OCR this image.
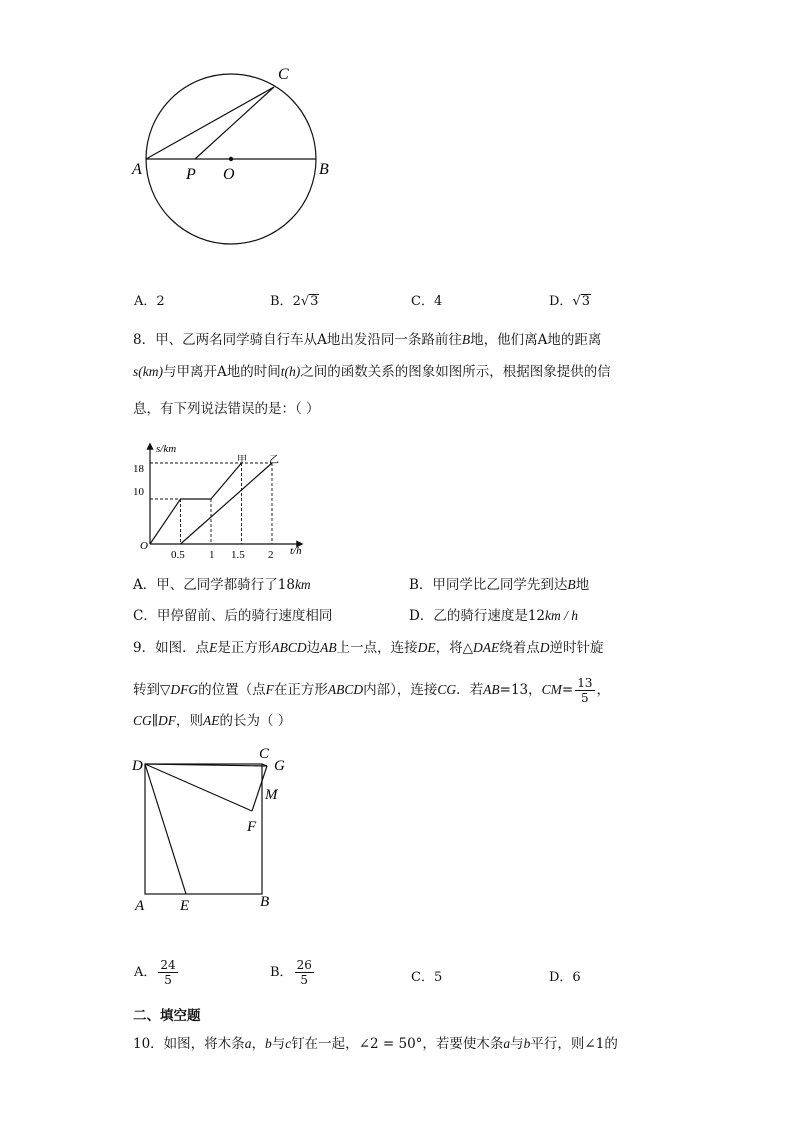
C
A	P O	B
A．2	B．2√3	C．4	D．√3
8．甲、乙两名同学骑自行车从A地出发沿同一条路前往B地，他们离A地的距离
s(km)与甲离开A地的时间t(h)之间的函数关系的图象如图所示，根据图象提供的信
息，有下列说法错误的是：（ ）
s/km
t/h
O
18
10
0.5 1 1.5 2
甲 乙
A．甲、乙同学都骑行了18km	B．甲同学比乙同学先到达B地
C．甲停留前、后的骑行速度相同	D．乙的骑行速度是12km / h
9．如图．点E是正方形ABCD边AB上一点，连接DE，将△DAE绕着点D逆时针旋
转到▽DFG的位置（点F在正方形ABCD内部），连接CG．若AB=13，$CM= \frac{13}{5}$ ，
CG∥DF，则AE的长为（ ）
D
C
G
M
F
A E	B
A． $\frac{24}{5}$	B． $\frac{26}{5}$	C．5	D．6
二、填空题
10．如图，将木条a，b与c钉在一起，∠2 = 50°，若要使木条a与b平行，则∠1的
